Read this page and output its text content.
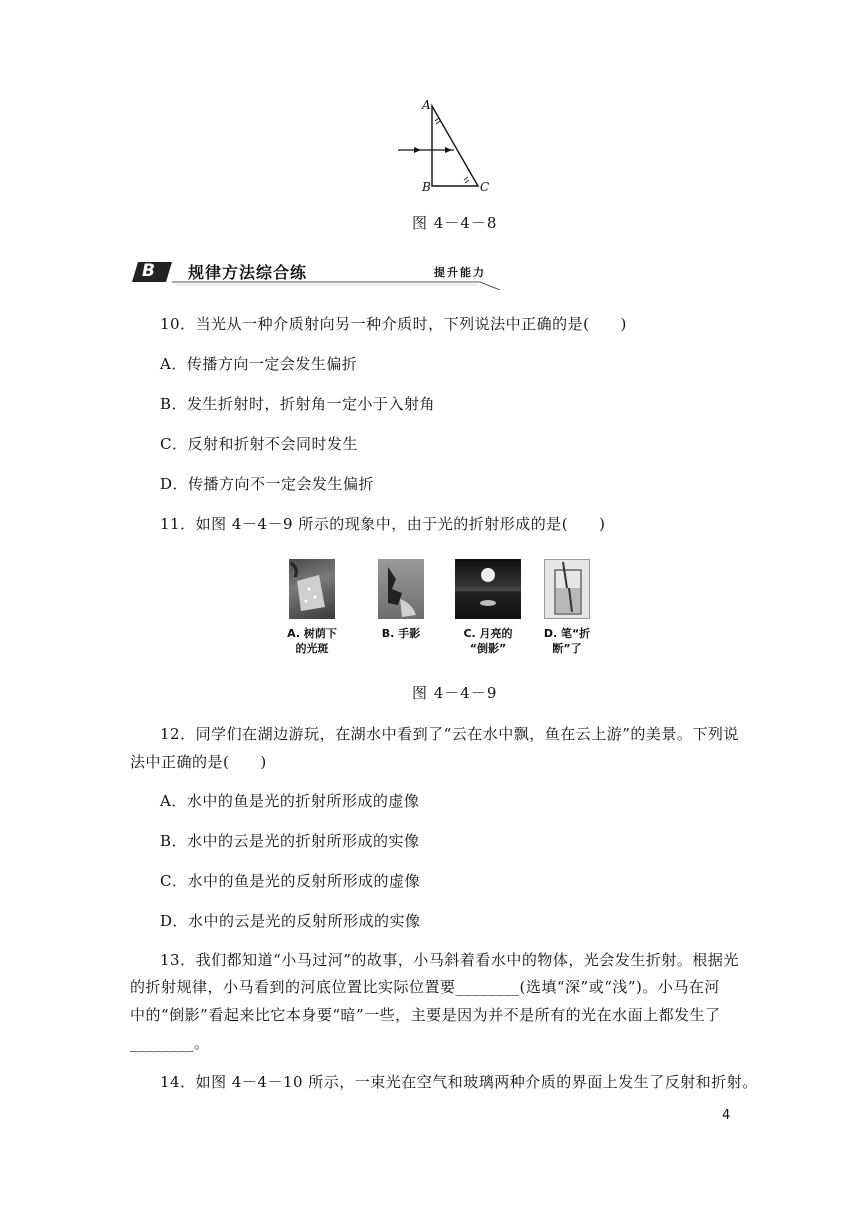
A
B	C
图 4－4－8
B 规律方法综合练	提升能力
10．当光从一种介质射向另一种介质时，下列说法中正确的是(　　)
A．传播方向一定会发生偏折
B．发生折射时，折射角一定小于入射角
C．反射和折射不会同时发生
D．传播方向不一定会发生偏折
11．如图 4－4－9 所示的现象中，由于光的折射形成的是(　　)
A. 树荫下
的光斑
B. 手影	C. 月亮的
“倒影”
D. 笔“折
断”了
图 4－4－9
12．同学们在湖边游玩，在湖水中看到了“云在水中飘，鱼在云上游”的美景。下列说
法中正确的是(　　)
A．水中的鱼是光的折射所形成的虚像
B．水中的云是光的折射所形成的实像
C．水中的鱼是光的反射所形成的虚像
D．水中的云是光的反射所形成的实像
13．我们都知道“小马过河”的故事，小马斜着看水中的物体，光会发生折射。根据光
的折射规律，小马看到的河底位置比实际位置要________(选填“深”或“浅”)。小马在河
中的“倒影”看起来比它本身要“暗”一些，主要是因为并不是所有的光在水面上都发生了
________。
14．如图 4－4－10 所示，一束光在空气和玻璃两种介质的界面上发生了反射和折射。
4
